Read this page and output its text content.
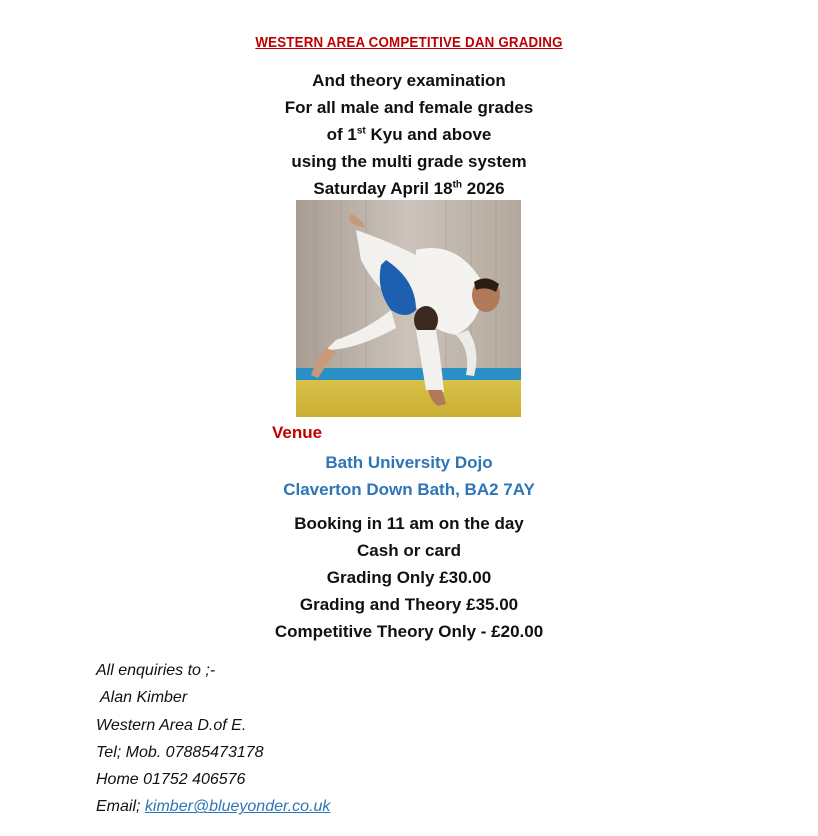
WESTERN AREA COMPETITIVE DAN GRADING
And theory examination
For all male and female grades
of 1st Kyu and above
using the multi grade system
Saturday April 18th 2026
Venue
Bath University Dojo
Claverton Down Bath, BA2 7AY
Booking in 11 am on the day
Cash or card
Grading Only £30.00
Grading and Theory £35.00
Competitive Theory Only - £20.00
All enquiries to ;-
Alan Kimber
Western Area D.of E.
Tel; Mob. 07885473178
Home 01752 406576
Email; kimber@blueyonder.co.uk
